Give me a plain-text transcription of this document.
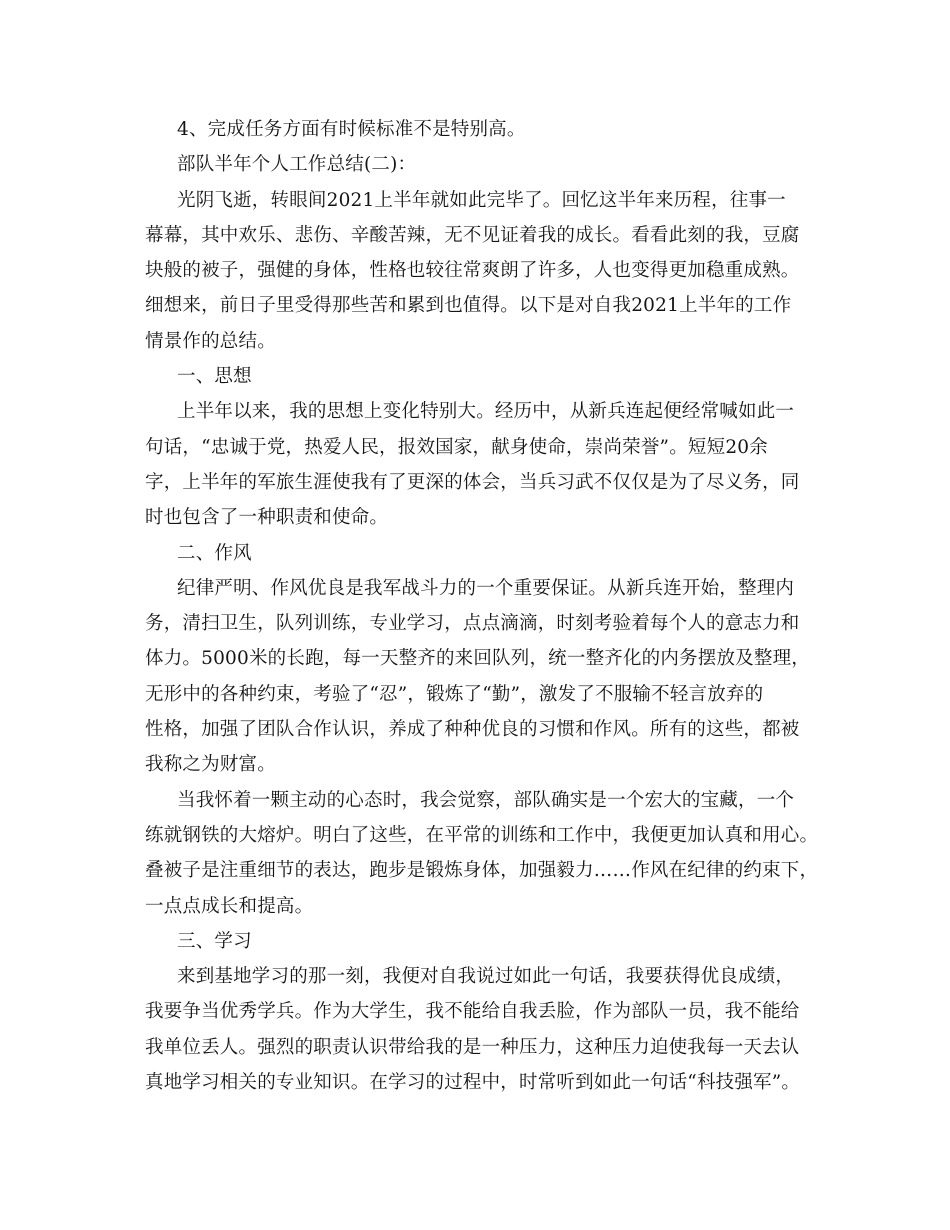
4、完成任务方面有时候标准不是特别高。
部队半年个人工作总结(二)：
光阴飞逝，转眼间2021上半年就如此完毕了。回忆这半年来历程，往事一
幕幕，其中欢乐、悲伤、辛酸苦辣，无不见证着我的成长。看看此刻的我，豆腐
块般的被子，强健的身体，性格也较往常爽朗了许多，人也变得更加稳重成熟。
细想来，前日子里受得那些苦和累到也值得。以下是对自我2021上半年的工作
情景作的总结。
一、思想
上半年以来，我的思想上变化特别大。经历中，从新兵连起便经常喊如此一
句话，“忠诚于党，热爱人民，报效国家，献身使命，崇尚荣誉”。短短20余
字，上半年的军旅生涯使我有了更深的体会，当兵习武不仅仅是为了尽义务，同
时也包含了一种职责和使命。
二、作风
纪律严明、作风优良是我军战斗力的一个重要保证。从新兵连开始，整理内
务，清扫卫生，队列训练，专业学习，点点滴滴，时刻考验着每个人的意志力和
体力。5000米的长跑，每一天整齐的来回队列，统一整齐化的内务摆放及整理，
无形中的各种约束，考验了“忍”，锻炼了“勤”，激发了不服输不轻言放弃的
性格，加强了团队合作认识，养成了种种优良的习惯和作风。所有的这些，都被
我称之为财富。
当我怀着一颗主动的心态时，我会觉察，部队确实是一个宏大的宝藏，一个
练就钢铁的大熔炉。明白了这些，在平常的训练和工作中，我便更加认真和用心。
叠被子是注重细节的表达，跑步是锻炼身体，加强毅力……作风在纪律的约束下，
一点点成长和提高。
三、学习
来到基地学习的那一刻，我便对自我说过如此一句话，我要获得优良成绩，
我要争当优秀学兵。作为大学生，我不能给自我丢脸，作为部队一员，我不能给
我单位丢人。强烈的职责认识带给我的是一种压力，这种压力迫使我每一天去认
真地学习相关的专业知识。在学习的过程中，时常听到如此一句话“科技强军”。
